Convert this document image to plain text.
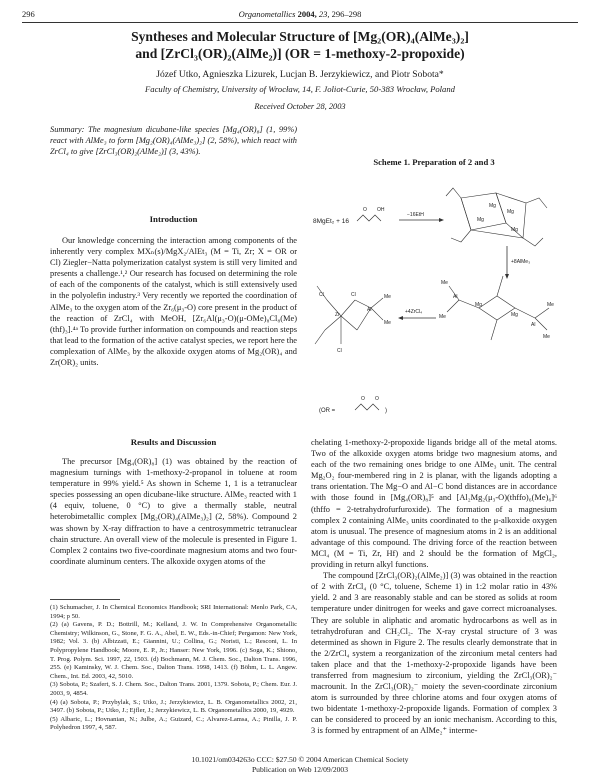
296	Organometallics 2004, 23, 296–298
Syntheses and Molecular Structure of [Mg₂(OR)₄(AlMe₃)₂]
and [ZrCl₃(OR)₂(AlMe₂)] (OR = 1-methoxy-2-propoxide)
Józef Utko, Agnieszka Lizurek, Lucjan B. Jerzykiewicz, and Piotr Sobota*
Faculty of Chemistry, University of Wrocław, 14, F. Joliot-Curie, 50-383 Wrocław, Poland
Received October 28, 2003

Summary: The magnesium dicubane-like species [Mg₄(OR)₈] (1, 99%) react with AlMe₃ to form [Mg₂(OR)₄(AlMe₃)₂] (2, 58%), which react with ZrCl₄ to give [ZrCl₃(OR)₂(AlMe₂)] (3, 43%).

Introduction

Our knowledge concerning the interaction among components of the inherently very complex MXₙ(s)/MgX₂/AlEt₃ (M = Ti, Zr; X = OR or Cl) Ziegler−Natta polymerization catalyst system is still very limited and presents a challenge.¹,² Our research has focused on determining the role of each of the components of the catalyst, which is still extensively used in the polyolefin industry.³ Very recently we reported the coordination of AlMe₃ to the oxygen atom of the Zr₆(μ₃-O) core present in the product of the reaction of ZrCl₄ with MeOH, [Zr₆Al(μ₃-O)(μ-OMe)₈Cl₈(Me)(thf)₃].⁴ᵃ To provide further information on compounds and reaction steps that lead to the formation of the active catalyst species, we report here the complexation of AlMe₃ by the alkoxide oxygen atoms of Mg₂(OR)₄ and Zr(OR)₂ units.

Results and Discussion

The precursor [Mg₄(OR)₈] (1) was obtained by the reaction of magnesium turnings with 1-methoxy-2-propanol in toluene at room temperature in 99% yield.⁵ As shown in Scheme 1, 1 is a tetranuclear species possessing an open dicubane-like structure. AlMe₃ reacted with 1 (4 equiv, toluene, 0 °C) to give a thermally stable, neutral heterobimetallic complex [Mg₂(OR)₄(AlMe₃)₂] (2, 58%). Compound 2 was shown by X-ray diffraction to have a centrosymmetric tetranuclear chain structure. An overall view of the molecule is presented in Figure 1. Complex 2 contains two five-coordinate magnesium atoms and two four-coordinate aluminum centers. The alkoxide oxygen atoms of the

(1) Schumacher, J. In Chemical Economics Handbook; SRI International: Menlo Park, CA, 1994; p 50.

(2) (a) Gavens, P. D.; Bottrill, M.; Kelland, J. W. In Comprehensive Organometallic Chemistry; Wilkinson, G., Stone, F. G. A., Abel, E. W., Eds.-in-Chief; Pergamon: New York, 1982; Vol. 3. (b) Albizzati, E.; Giannini, U.; Collina, G.; Noristi, L.; Resconi, L. In Polypropylene Handbook; Moore, E. P., Jr.; Hanser: New York, 1996. (c) Soga, K.; Shiono, T. Prog. Polym. Sci. 1997, 22, 1503. (d) Bochmann, M. J. Chem. Soc., Dalton Trans. 1996, 255. (e) Kaminsky, W. J. Chem. Soc., Dalton Trans. 1998, 1413. (f) Böhm, L. L. Angew. Chem., Int. Ed. 2003, 42, 5010.

(3) Sobota, P.; Szafert, S. J. Chem. Soc., Dalton Trans. 2001, 1379. Sobota, P.; Chem. Eur. J. 2003, 9, 4854.

(4) (a) Sobota, P.; Przybylak, S.; Utko, J.; Jerzykiewicz, L. B. Organometallics 2002, 21, 3497. (b) Sobota, P.; Utko, J.; Ejfler, J.; Jerzykiewicz, L. B. Organometallics 2000, 19, 4929.

(5) Albaric, L.; Hovnanian, N.; Julbe, A.; Guizard, C.; Alvarez-Lamsa, A.; Pinilla, J. P. Polyhedron 1997, 4, 587.

Scheme 1. Preparation of 2 and 3
8MgEt₂ + 16
O OH
−16EtH
Mg
Mg
Mg
Mg
+8AlMe₃
Zr
Cl
Cl
Cl
Al
Me
Me
+4ZrCl₄
Mg
Mg
Al
Me
Me
Al
Me
Me
(OR =
O O
)

chelating 1-methoxy-2-propoxide ligands bridge all of the metal atoms. Two of the alkoxide oxygen atoms bridge two magnesium atoms, and each of the two remaining ones bridge to one AlMe₃ unit. The central Mg₂O₂ four-membered ring in 2 is planar, with the ligands adopting a trans orientation. The Mg−O and Al−C bond distances are in accordance with those found in [Mg₄(OR)₈]⁵ and [Al₂Mg₂(μ₃-O)(thffo)₆(Me)₆]⁶ (thffo = 2-tetrahydrofurfuroxide). The formation of a magnesium complex 2 containing AlMe₃ units coordinated to the μ-alkoxide oxygen atom is unusual. The presence of magnesium atoms in 2 is an additional advantage of this compound. The driving force of the reaction between MCl₄ (M = Ti, Zr, Hf) and 2 should be the formation of MgCl₂, providing in return alkyl functions.

The compound [ZrCl₃(OR)₂(AlMe₂)] (3) was obtained in the reaction of 2 with ZrCl₄ (0 °C, toluene, Scheme 1) in 1:2 molar ratio in 43% yield. 2 and 3 are reasonably stable and can be stored as solids at room temperature under dinitrogen for weeks and gave correct microanalyses. They are soluble in aliphatic and aromatic hydrocarbons as well as in tetrahydrofuran and CH₂Cl₂. The X-ray crystal structure of 3 was determined as shown in Figure 2. The results clearly demonstrate that in the 2/ZrCl₄ system a reorganization of the zirconium metal centers had taken place and that the 1-methoxy-2-propoxide ligands have been transferred from magnesium to zirconium, yielding the ZrCl₃(OR)₂⁻ macrounit. In the ZrCl₃(OR)₂⁻ moiety the seven-coordinate zirconium atom is surrounded by three chlorine atoms and four oxygen atoms of two bidentate 1-methoxy-2-propoxide ligands. Formation of complex 3 can be considered to proceed by an ionic mechanism. According to this, 3 is formed by entrapment of an AlMe₂⁺ interme-

10.1021/om034263o CCC: $27.50 © 2004 American Chemical Society
Publication on Web 12/09/2003
